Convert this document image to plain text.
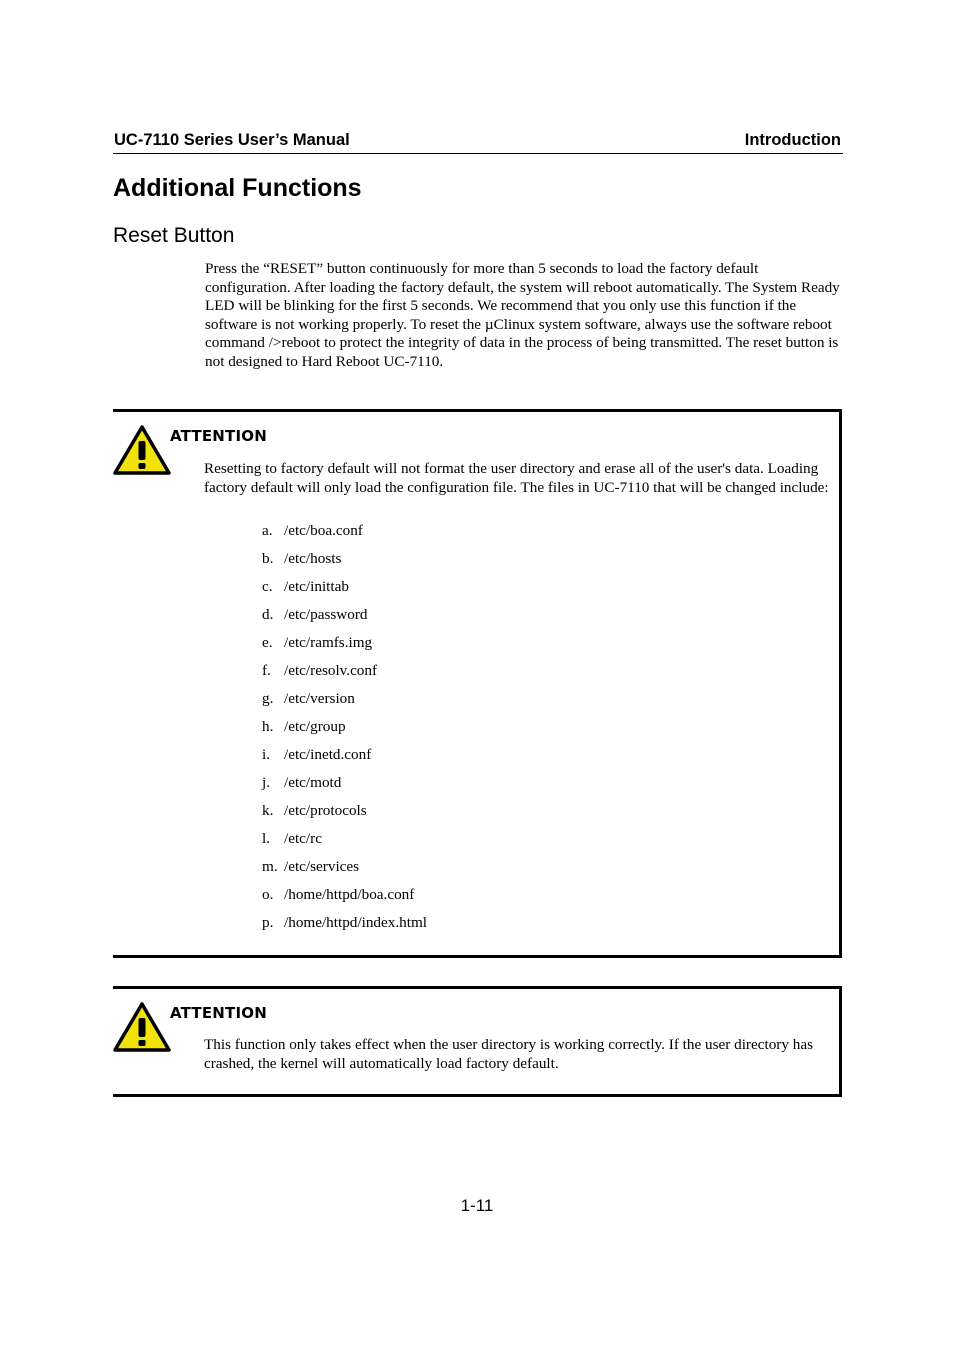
UC-7110 Series User’s Manual	Introduction
Additional Functions
Reset Button

Press the “RESET” button continuously for more than 5 seconds to load the factory default configuration. After loading the factory default, the system will reboot automatically. The System Ready LED will be blinking for the first 5 seconds. We recommend that you only use this function if the software is not working properly. To reset the µClinux system software, always use the software reboot command />reboot to protect the integrity of data in the process of being transmitted. The reset button is not designed to Hard Reboot UC-7110.

ATTENTION

Resetting to factory default will not format the user directory and erase all of the user's data. Loading factory default will only load the configuration file. The files in UC-7110 that will be changed include:

a. /etc/boa.conf
b. /etc/hosts
c. /etc/inittab
d. /etc/password
e. /etc/ramfs.img
f. /etc/resolv.conf
g. /etc/version
h. /etc/group
i. /etc/inetd.conf
j. /etc/motd
k. /etc/protocols
l. /etc/rc
m. /etc/services
o. /home/httpd/boa.conf
p. /home/httpd/index.html
ATTENTION

This function only takes effect when the user directory is working correctly. If the user directory has crashed, the kernel will automatically load factory default.

1-11
